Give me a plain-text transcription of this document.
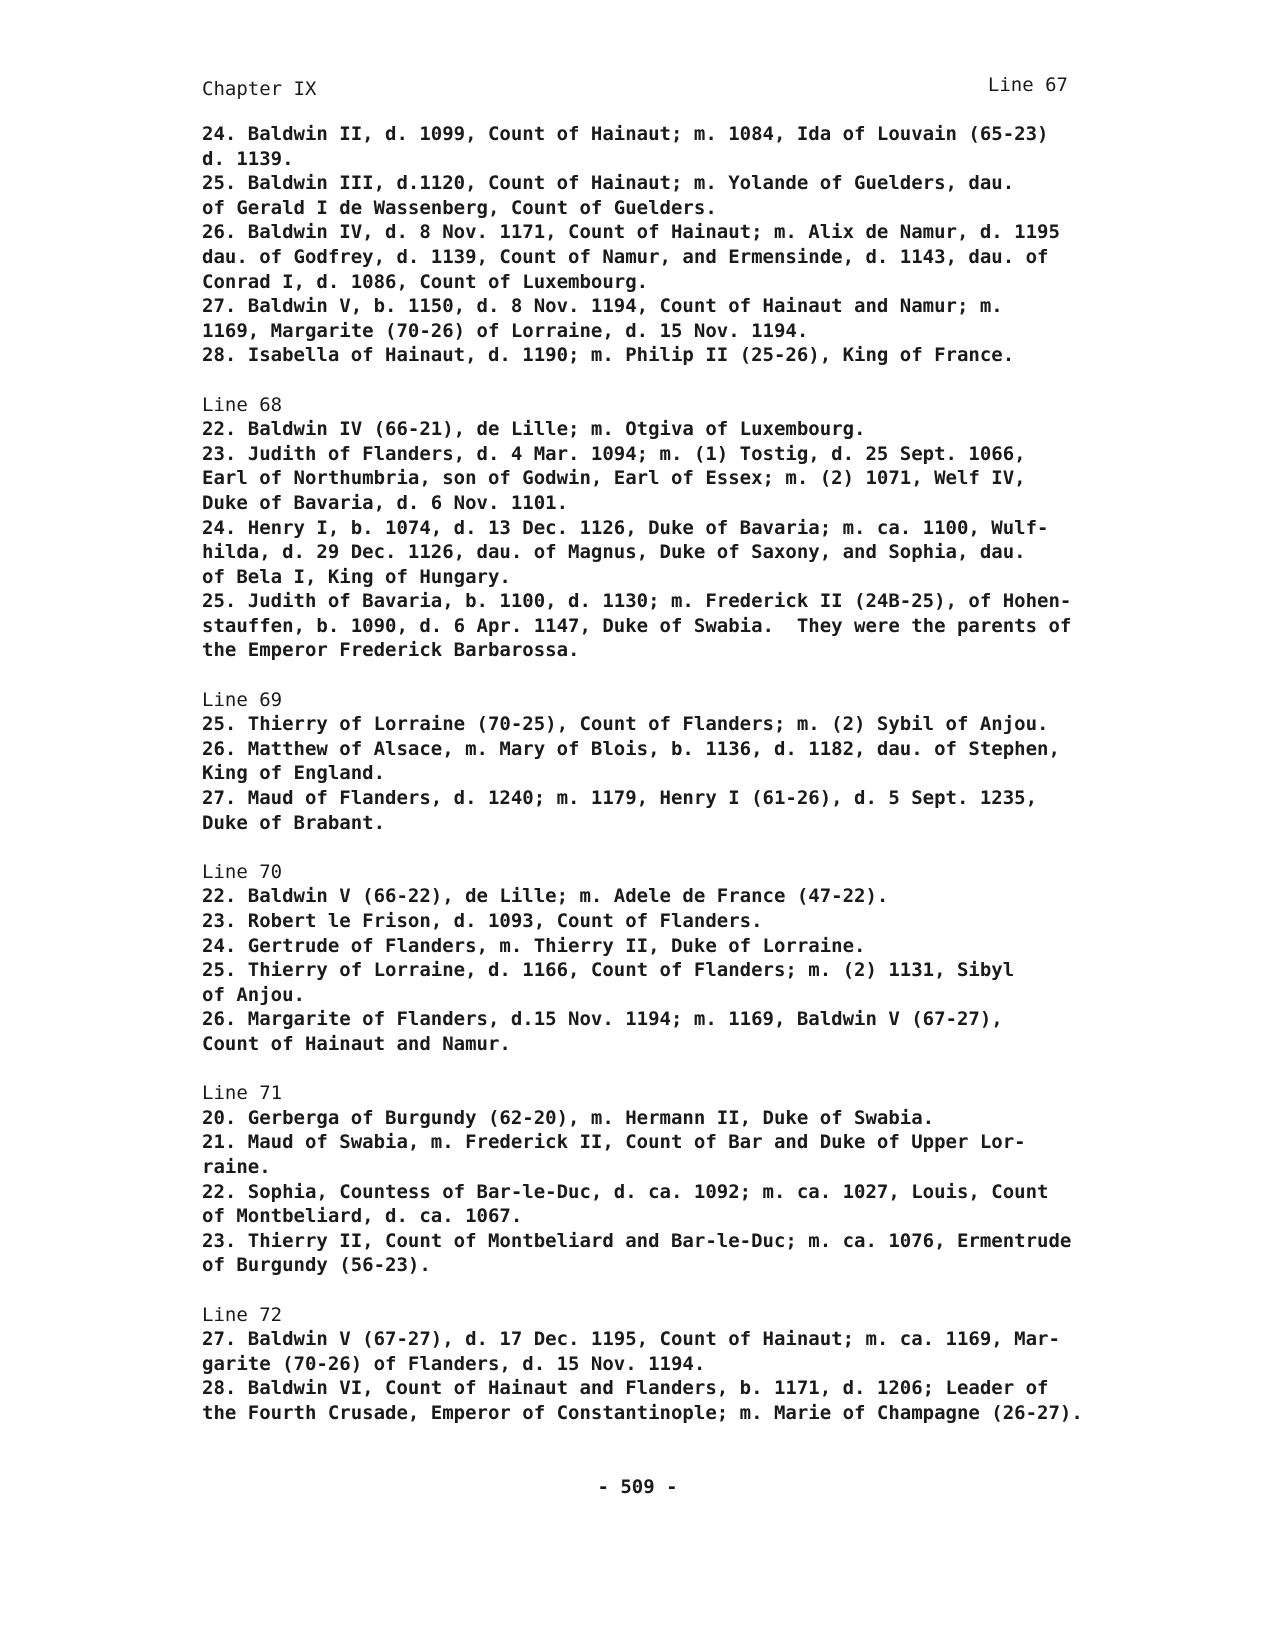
Chapter IX	Line 67
24. Baldwin II, d. 1099, Count of Hainaut; m. 1084, Ida of Louvain (65-23)
d. 1139.
25. Baldwin III, d.1120, Count of Hainaut; m. Yolande of Guelders, dau.
of Gerald I de Wassenberg, Count of Guelders.
26. Baldwin IV, d. 8 Nov. 1171, Count of Hainaut; m. Alix de Namur, d. 1195
dau. of Godfrey, d. 1139, Count of Namur, and Ermensinde, d. 1143, dau. of
Conrad I, d. 1086, Count of Luxembourg.
27. Baldwin V, b. 1150, d. 8 Nov. 1194, Count of Hainaut and Namur; m.
1169, Margarite (70-26) of Lorraine, d. 15 Nov. 1194.
28. Isabella of Hainaut, d. 1190; m. Philip II (25-26), King of France.
Line 68
22. Baldwin IV (66-21), de Lille; m. Otgiva of Luxembourg.
23. Judith of Flanders, d. 4 Mar. 1094; m. (1) Tostig, d. 25 Sept. 1066,
Earl of Northumbria, son of Godwin, Earl of Essex; m. (2) 1071, Welf IV,
Duke of Bavaria, d. 6 Nov. 1101.
24. Henry I, b. 1074, d. 13 Dec. 1126, Duke of Bavaria; m. ca. 1100, Wulf-
hilda, d. 29 Dec. 1126, dau. of Magnus, Duke of Saxony, and Sophia, dau.
of Bela I, King of Hungary.
25. Judith of Bavaria, b. 1100, d. 1130; m. Frederick II (24B-25), of Hohen-
stauffen, b. 1090, d. 6 Apr. 1147, Duke of Swabia.  They were the parents of
the Emperor Frederick Barbarossa.
Line 69
25. Thierry of Lorraine (70-25), Count of Flanders; m. (2) Sybil of Anjou.
26. Matthew of Alsace, m. Mary of Blois, b. 1136, d. 1182, dau. of Stephen,
King of England.
27. Maud of Flanders, d. 1240; m. 1179, Henry I (61-26), d. 5 Sept. 1235,
Duke of Brabant.
Line 70
22. Baldwin V (66-22), de Lille; m. Adele de France (47-22).
23. Robert le Frison, d. 1093, Count of Flanders.
24. Gertrude of Flanders, m. Thierry II, Duke of Lorraine.
25. Thierry of Lorraine, d. 1166, Count of Flanders; m. (2) 1131, Sibyl
of Anjou.
26. Margarite of Flanders, d.15 Nov. 1194; m. 1169, Baldwin V (67-27),
Count of Hainaut and Namur.
Line 71
20. Gerberga of Burgundy (62-20), m. Hermann II, Duke of Swabia.
21. Maud of Swabia, m. Frederick II, Count of Bar and Duke of Upper Lor-
raine.
22. Sophia, Countess of Bar-le-Duc, d. ca. 1092; m. ca. 1027, Louis, Count
of Montbeliard, d. ca. 1067.
23. Thierry II, Count of Montbeliard and Bar-le-Duc; m. ca. 1076, Ermentrude
of Burgundy (56-23).
Line 72
27. Baldwin V (67-27), d. 17 Dec. 1195, Count of Hainaut; m. ca. 1169, Mar-
garite (70-26) of Flanders, d. 15 Nov. 1194.
28. Baldwin VI, Count of Hainaut and Flanders, b. 1171, d. 1206; Leader of
the Fourth Crusade, Emperor of Constantinople; m. Marie of Champagne (26-27).
- 509 -
